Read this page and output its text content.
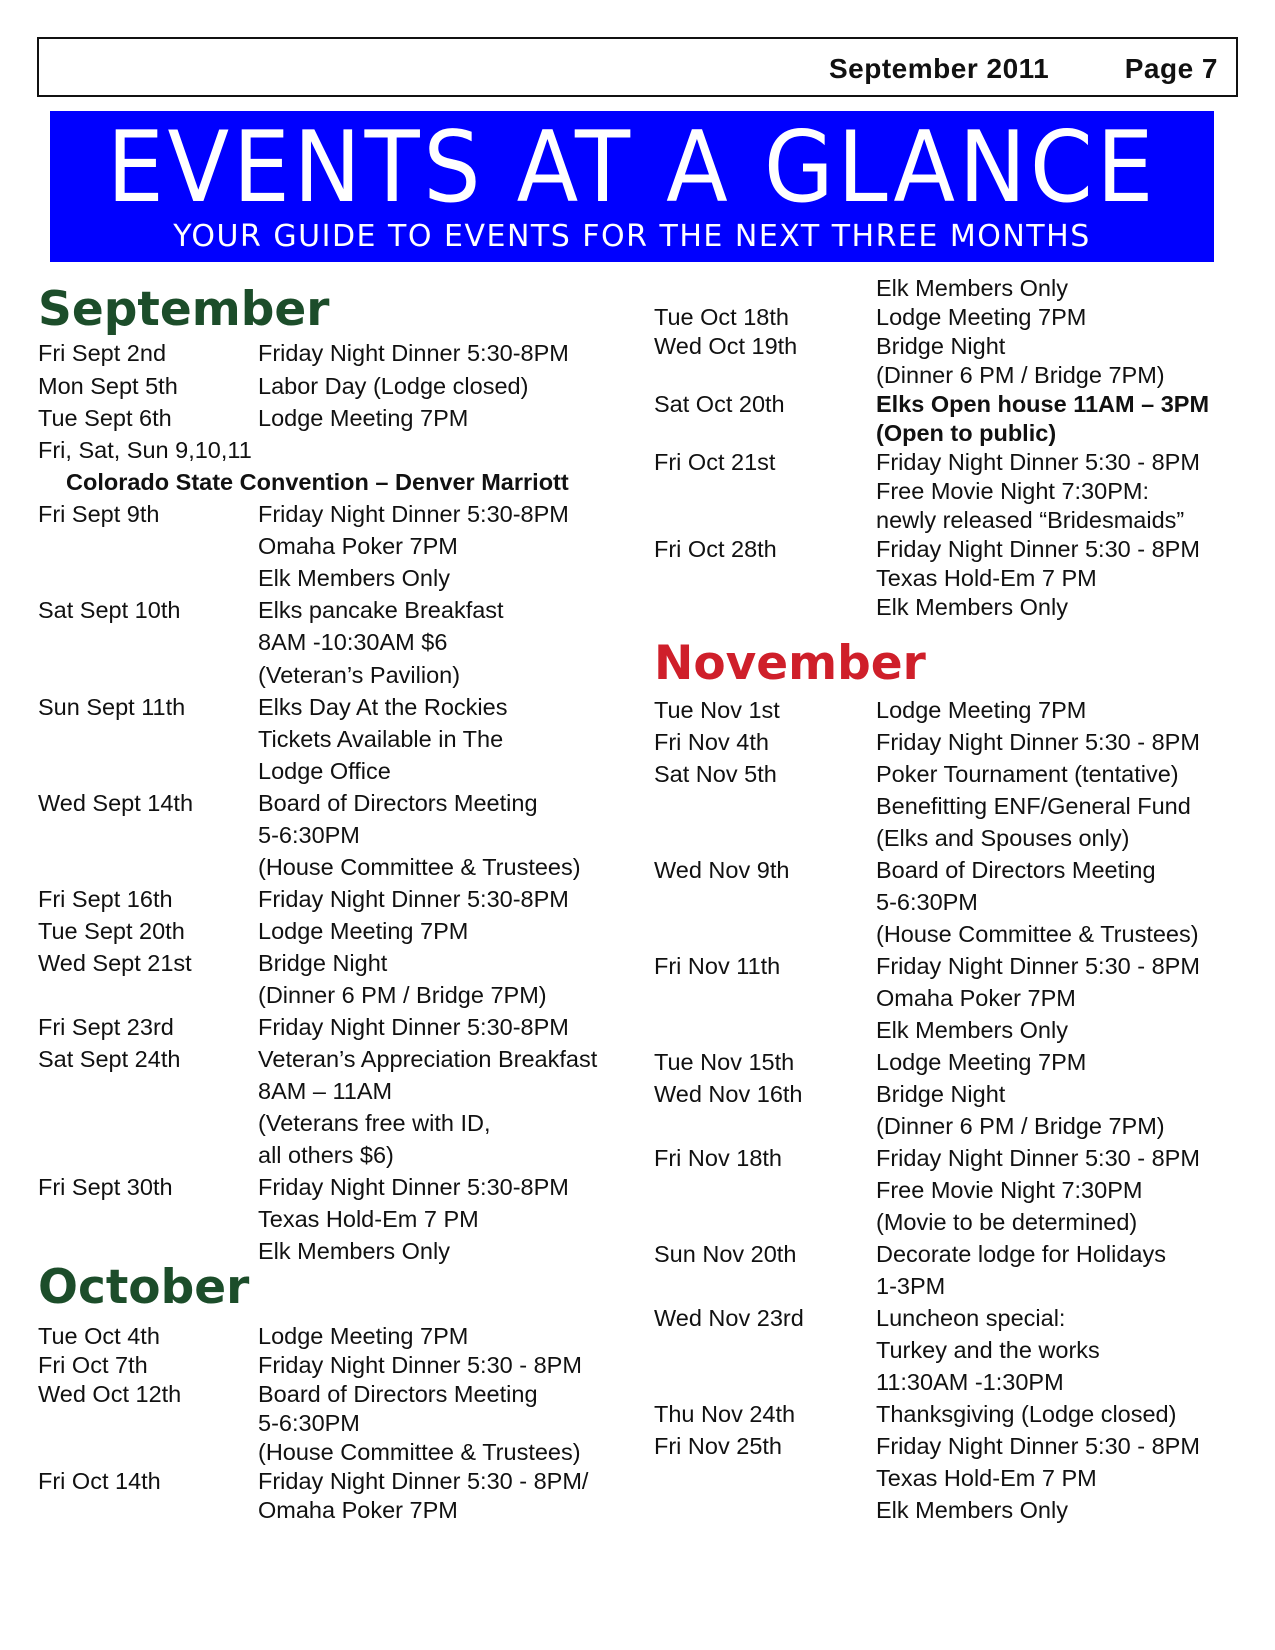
September 2011	Page 7
EVENTS AT A GLANCE
YOUR GUIDE TO EVENTS FOR THE NEXT THREE MONTHS
September
Fri Sept 2nd	Friday Night Dinner 5:30-8PM
Mon Sept 5th	Labor Day (Lodge closed)
Tue Sept 6th	Lodge Meeting 7PM
Fri, Sat, Sun 9,10,11
Colorado State Convention – Denver Marriott
Fri Sept 9th	Friday Night Dinner 5:30-8PM
Omaha Poker 7PM
Elk Members Only
Sat Sept 10th	Elks pancake Breakfast
8AM -10:30AM $6
(Veteran’s Pavilion)
Sun Sept 11th	Elks Day At the Rockies
Tickets Available in The
Lodge Office
Wed Sept 14th	Board of Directors Meeting
5-6:30PM
(House Committee & Trustees)
Fri Sept 16th	Friday Night Dinner 5:30-8PM
Tue Sept 20th	Lodge Meeting 7PM
Wed Sept 21st	Bridge Night
(Dinner 6 PM / Bridge 7PM)
Fri Sept 23rd	Friday Night Dinner 5:30-8PM
Sat Sept 24th	Veteran’s Appreciation Breakfast
8AM – 11AM
(Veterans free with ID,
all others $6)
Fri Sept 30th	Friday Night Dinner 5:30-8PM
Texas Hold-Em 7 PM
Elk Members Only
October
Tue Oct 4th	Lodge Meeting 7PM
Fri Oct 7th	Friday Night Dinner 5:30 - 8PM
Wed Oct 12th	Board of Directors Meeting
5-6:30PM
(House Committee & Trustees)
Fri Oct 14th	Friday Night Dinner 5:30 - 8PM/
Omaha Poker 7PM
Elk Members Only
Tue Oct 18th	Lodge Meeting 7PM
Wed Oct 19th	Bridge Night
(Dinner 6 PM / Bridge 7PM)
Sat Oct 20th	Elks Open house 11AM – 3PM
(Open to public)
Fri Oct 21st	Friday Night Dinner 5:30 - 8PM
Free Movie Night 7:30PM:
newly released “Bridesmaids”
Fri Oct 28th	Friday Night Dinner 5:30 - 8PM
Texas Hold-Em 7 PM
Elk Members Only
November
Tue Nov 1st	Lodge Meeting 7PM
Fri Nov 4th	Friday Night Dinner 5:30 - 8PM
Sat Nov 5th	Poker Tournament (tentative)
Benefitting ENF/General Fund
(Elks and Spouses only)
Wed Nov 9th	Board of Directors Meeting
5-6:30PM
(House Committee & Trustees)
Fri Nov 11th	Friday Night Dinner 5:30 - 8PM
Omaha Poker 7PM
Elk Members Only
Tue Nov 15th	Lodge Meeting 7PM
Wed Nov 16th	Bridge Night
(Dinner 6 PM / Bridge 7PM)
Fri Nov 18th	Friday Night Dinner 5:30 - 8PM
Free Movie Night 7:30PM
(Movie to be determined)
Sun Nov 20th	Decorate lodge for Holidays
1-3PM
Wed Nov 23rd	Luncheon special:
Turkey and the works
11:30AM -1:30PM
Thu Nov 24th	Thanksgiving (Lodge closed)
Fri Nov 25th	Friday Night Dinner 5:30 - 8PM
Texas Hold-Em 7 PM
Elk Members Only
